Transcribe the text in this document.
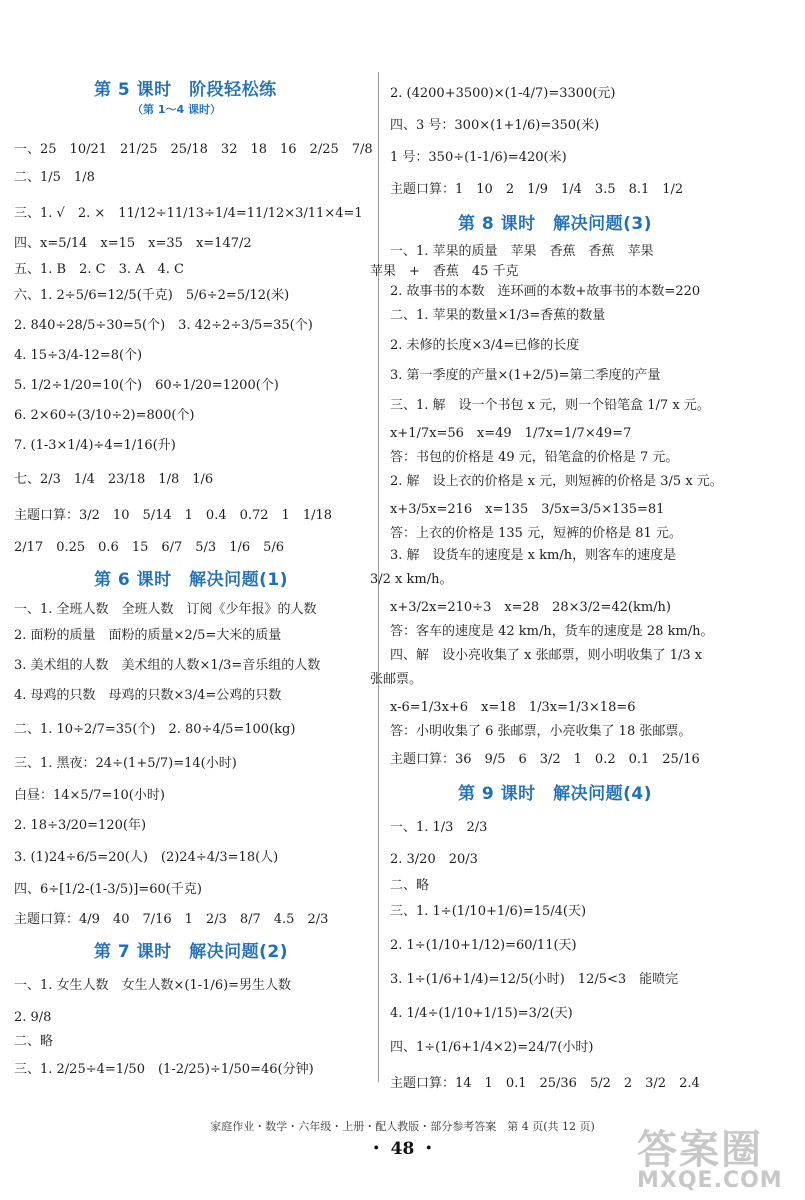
第 5 课时　阶段轻松练
（第 1～4 课时）
一、25　10/21　21/25　25/18　32　18　16　2/25　7/8
二、1/5　1/8
三、1. √　2. ×　11/12÷11/13÷1/4=11/12×3/11×4=1
四、x=5/14　x=15　x=35　x=147/2
五、1. B　2. C　3. A　4. C
六、1. 2÷5/6=12/5(千克)　5/6÷2=5/12(米)
2. 840÷28/5÷30=5(个)　3. 42÷2÷3/5=35(个)
4. 15÷3/4-12=8(个)
5. 1/2÷1/20=10(个)　60÷1/20=1200(个)
6. 2×60÷(3/10÷2)=800(个)
7. (1-3×1/4)÷4=1/16(升)
七、2/3　1/4　23/18　1/8　1/6
主题口算：3/2　10　5/14　1　0.4　0.72　1　1/18
2/17　0.25　0.6　15　6/7　5/3　1/6　5/6
第 6 课时　解决问题(1)
一、1. 全班人数　全班人数　订阅《少年报》的人数
2. 面粉的质量　面粉的质量×2/5=大米的质量
3. 美术组的人数　美术组的人数×1/3=音乐组的人数
4. 母鸡的只数　母鸡的只数×3/4=公鸡的只数
二、1. 10÷2/7=35(个)　2. 80÷4/5=100(kg)
三、1. 黑夜：24÷(1+5/7)=14(小时)
白昼：14×5/7=10(小时)
2. 18÷3/20=120(年)
3. (1)24÷6/5=20(人)　(2)24÷4/3=18(人)
四、6÷[1/2-(1-3/5)]=60(千克)
主题口算：4/9　40　7/16　1　2/3　8/7　4.5　2/3
第 7 课时　解决问题(2)
一、1. 女生人数　女生人数×(1-1/6)=男生人数
2. 9/8
二、略
三、1. 2/25÷4=1/50　(1-2/25)÷1/50=46(分钟)
2. (4200+3500)×(1-4/7)=3300(元)
四、3 号：300×(1+1/6)=350(米)
1 号：350÷(1-1/6)=420(米)
主题口算：1　10　2　1/9　1/4　3.5　8.1　1/2
第 8 课时　解决问题(3)
一、1. 苹果的质量　苹果　香蕉　香蕉　苹果
苹果　+　香蕉　45 千克
2. 故事书的本数　连环画的本数+故事书的本数=220
二、1. 苹果的数量×1/3=香蕉的数量
2. 未修的长度×3/4=已修的长度
3. 第一季度的产量×(1+2/5)=第二季度的产量
三、1. 解　设一个书包 x 元，则一个铅笔盒 1/7 x 元。
x+1/7x=56　x=49　1/7x=1/7×49=7
答：书包的价格是 49 元，铅笔盒的价格是 7 元。
2. 解　设上衣的价格是 x 元，则短裤的价格是 3/5 x 元。
x+3/5x=216　x=135　3/5x=3/5×135=81
答：上衣的价格是 135 元，短裤的价格是 81 元。
3. 解　设货车的速度是 x km/h，则客车的速度是
3/2 x km/h。
x+3/2x=210÷3　x=28　28×3/2=42(km/h)
答：客车的速度是 42 km/h，货车的速度是 28 km/h。
四、解　设小亮收集了 x 张邮票，则小明收集了 1/3 x
张邮票。
x-6=1/3x+6　x=18　1/3x=1/3×18=6
答：小明收集了 6 张邮票，小亮收集了 18 张邮票。
主题口算：36　9/5　6　3/2　1　0.2　0.1　25/16
第 9 课时　解决问题(4)
一、1. 1/3　2/3
2. 3/20　20/3
二、略
三、1. 1÷(1/10+1/6)=15/4(天)
2. 1÷(1/10+1/12)=60/11(天)
3. 1÷(1/6+1/4)=12/5(小时)　12/5<3　能喷完
4. 1/4÷(1/10+1/15)=3/2(天)
四、1÷(1/6+1/4×2)=24/7(小时)
主题口算：14　1　0.1　25/36　5/2　2　3/2　2.4
家庭作业・数学・六年级・上册・配人教版・部分参考答案　第 4 页(共 12 页)
・ 48 ・	答案圈
MXQE.COM
